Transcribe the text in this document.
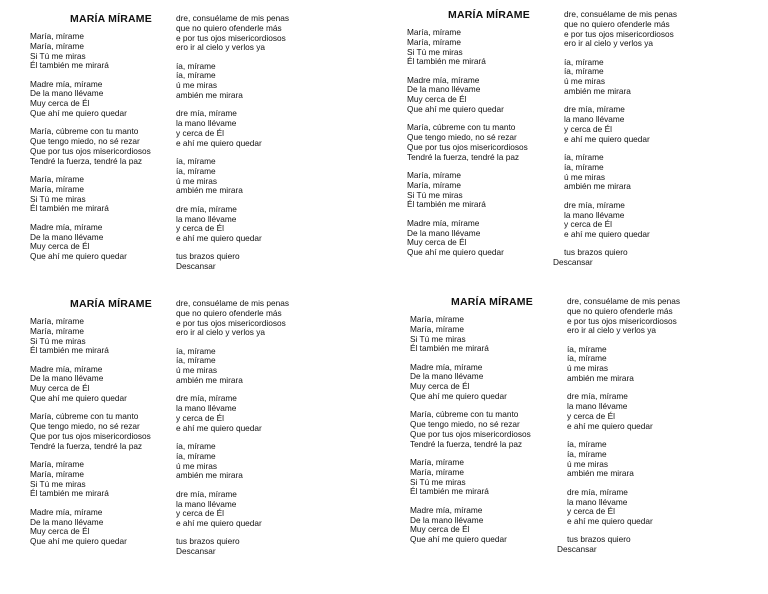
MARÍA MÍRAME
María, mírame
María, mírame
Si Tú me miras
Él también me mirará
Madre mía, mírame
De la mano llévame
Muy cerca de Él
Que ahí me quiero quedar
María, cúbreme con tu manto
Que tengo miedo, no sé rezar
Que por tus ojos misericordiosos
Tendré la fuerza, tendré la paz
María, mírame
María, mírame
Si Tú me miras
Él también me mirará
Madre mía, mírame
De la mano llévame
Muy cerca de Él
Que ahí me quiero quedar
dre, consuélame de mis penas
que no quiero ofenderle más
e por tus ojos misericordiosos
ero ir al cielo y verlos ya
ía, mírame
ía, mírame
ú me miras
ambién me mirara
dre mía, mírame
la mano llévame
y cerca de Él
e ahí me quiero quedar
ía, mírame
ía, mírame
ú me miras
ambién me mirara
dre mía, mírame
la mano llévame
y cerca de Él
e ahí me quiero quedar
tus brazos quiero
Descansar
MARÍA MÍRAME
María, mírame
María, mírame
Si Tú me miras
Él también me mirará
Madre mía, mírame
De la mano llévame
Muy cerca de Él
Que ahí me quiero quedar
María, cúbreme con tu manto
Que tengo miedo, no sé rezar
Que por tus ojos misericordiosos
Tendré la fuerza, tendré la paz
María, mírame
María, mírame
Si Tú me miras
Él también me mirará
Madre mía, mírame
De la mano llévame
Muy cerca de Él
Que ahí me quiero quedar
dre, consuélame de mis penas
que no quiero ofenderle más
e por tus ojos misericordiosos
ero ir al cielo y verlos ya
ía, mírame
ía, mírame
ú me miras
ambién me mirara
dre mía, mírame
la mano llévame
y cerca de Él
e ahí me quiero quedar
ía, mírame
ía, mírame
ú me miras
ambién me mirara
dre mía, mírame
la mano llévame
y cerca de Él
e ahí me quiero quedar
tus brazos quiero
Descansar
MARÍA MÍRAME
María, mírame
María, mírame
Si Tú me miras
Él también me mirará
Madre mía, mírame
De la mano llévame
Muy cerca de Él
Que ahí me quiero quedar
María, cúbreme con tu manto
Que tengo miedo, no sé rezar
Que por tus ojos misericordiosos
Tendré la fuerza, tendré la paz
María, mírame
María, mírame
Si Tú me miras
Él también me mirará
Madre mía, mírame
De la mano llévame
Muy cerca de Él
Que ahí me quiero quedar
dre, consuélame de mis penas
que no quiero ofenderle más
e por tus ojos misericordiosos
ero ir al cielo y verlos ya
ía, mírame
ía, mírame
ú me miras
ambién me mirara
dre mía, mírame
la mano llévame
y cerca de Él
e ahí me quiero quedar
ía, mírame
ía, mírame
ú me miras
ambién me mirara
dre mía, mírame
la mano llévame
y cerca de Él
e ahí me quiero quedar
tus brazos quiero
Descansar
MARÍA MÍRAME
María, mírame
María, mírame
Si Tú me miras
Él también me mirará
Madre mía, mírame
De la mano llévame
Muy cerca de Él
Que ahí me quiero quedar
María, cúbreme con tu manto
Que tengo miedo, no sé rezar
Que por tus ojos misericordiosos
Tendré la fuerza, tendré la paz
María, mírame
María, mírame
Si Tú me miras
Él también me mirará
Madre mía, mírame
De la mano llévame
Muy cerca de Él
Que ahí me quiero quedar
dre, consuélame de mis penas
que no quiero ofenderle más
e por tus ojos misericordiosos
ero ir al cielo y verlos ya
ía, mírame
ía, mírame
ú me miras
ambién me mirara
dre mía, mírame
la mano llévame
y cerca de Él
e ahí me quiero quedar
ía, mírame
ía, mírame
ú me miras
ambién me mirara
dre mía, mírame
la mano llévame
y cerca de Él
e ahí me quiero quedar
tus brazos quiero
Descansar
